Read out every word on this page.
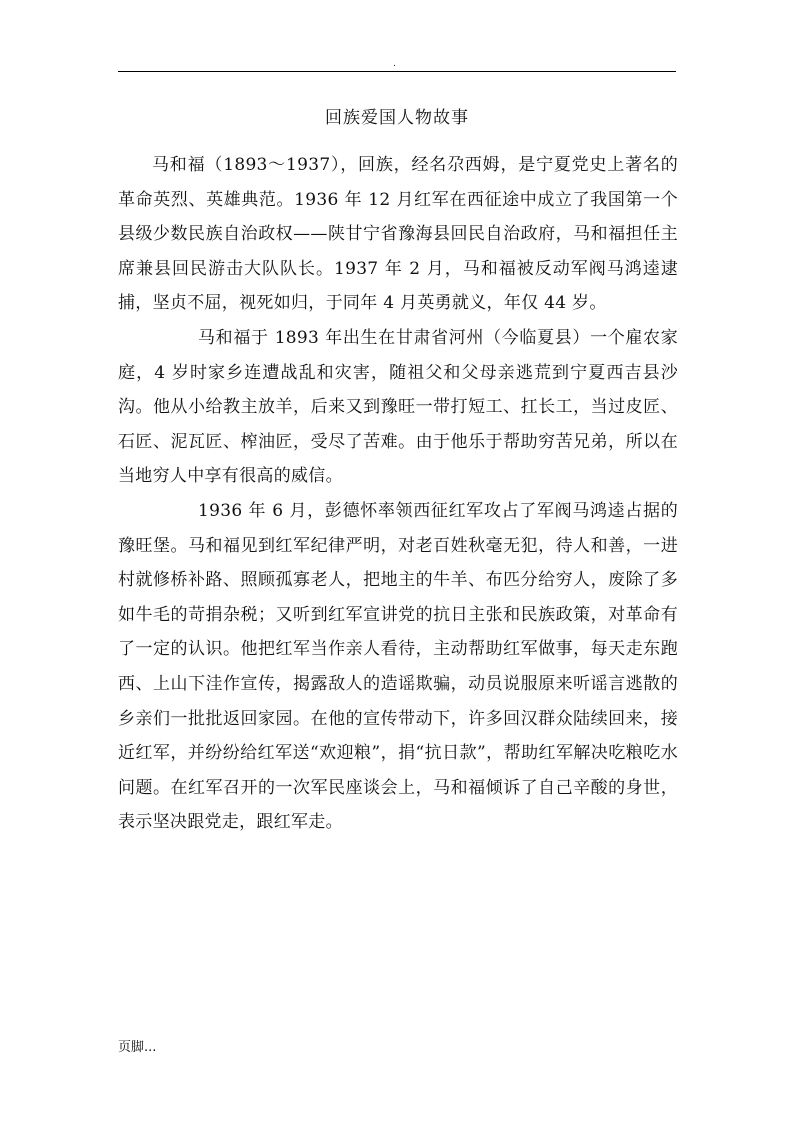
.
回族爱国人物故事

马和福（1893～1937），回族，经名尕西姆，是宁夏党史上著名的革命英烈、英雄典范。1936 年 12 月红军在西征途中成立了我国第一个县级少数民族自治政权——陕甘宁省豫海县回民自治政府，马和福担任主席兼县回民游击大队队长。1937 年 2 月，马和福被反动军阀马鸿逵逮捕，坚贞不屈，视死如归，于同年 4 月英勇就义，年仅 44 岁。

马和福于 1893 年出生在甘肃省河州（今临夏县）一个雇农家庭，4 岁时家乡连遭战乱和灾害，随祖父和父母亲逃荒到宁夏西吉县沙沟。他从小给教主放羊，后来又到豫旺一带打短工、扛长工，当过皮匠、石匠、泥瓦匠、榨油匠，受尽了苦难。由于他乐于帮助穷苦兄弟，所以在当地穷人中享有很高的威信。

1936 年 6 月，彭德怀率领西征红军攻占了军阀马鸿逵占据的豫旺堡。马和福见到红军纪律严明，对老百姓秋毫无犯，待人和善，一进村就修桥补路、照顾孤寡老人，把地主的牛羊、布匹分给穷人，废除了多如牛毛的苛捐杂税；又听到红军宣讲党的抗日主张和民族政策，对革命有了一定的认识。他把红军当作亲人看待，主动帮助红军做事，每天走东跑西、上山下洼作宣传，揭露敌人的造谣欺骗，动员说服原来听谣言逃散的乡亲们一批批返回家园。在他的宣传带动下，许多回汉群众陆续回来，接近红军，并纷纷给红军送“欢迎粮”，捐“抗日款”，帮助红军解决吃粮吃水问题。在红军召开的一次军民座谈会上，马和福倾诉了自己辛酸的身世，表示坚决跟党走，跟红军走。

页脚...
